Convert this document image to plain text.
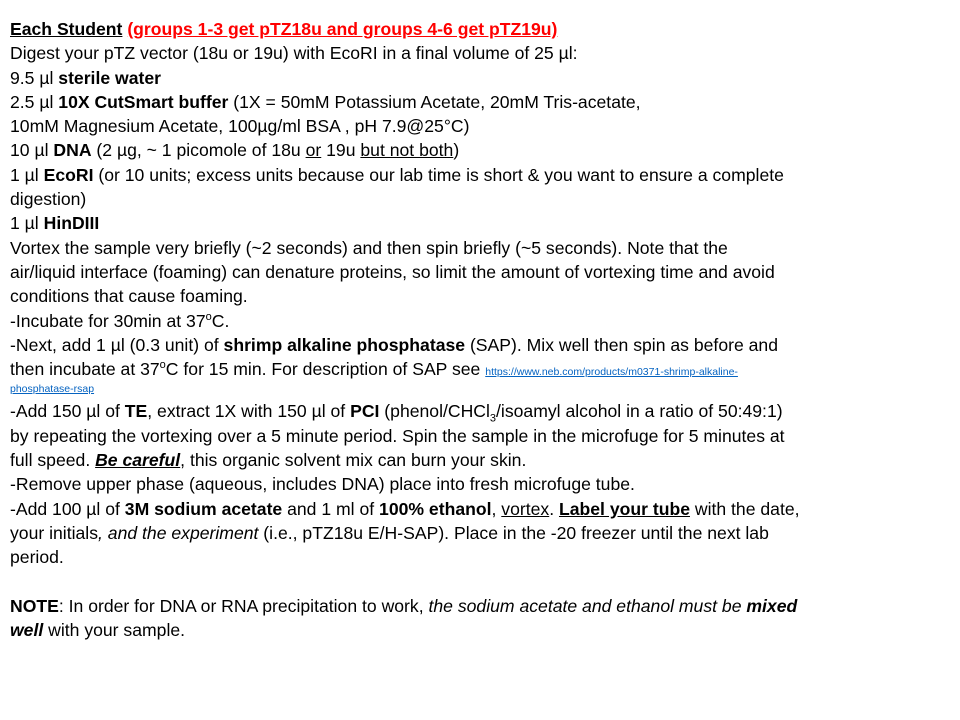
Each Student (groups 1-3 get pTZ18u and groups 4-6 get pTZ19u)
Digest your pTZ vector (18u or 19u) with EcoRI in a final volume of 25 µl:
9.5 µl sterile water
2.5 µl 10X CutSmart buffer (1X = 50mM Potassium Acetate, 20mM Tris-acetate,
10mM Magnesium Acetate, 100µg/ml BSA , pH 7.9@25°C)
10 µl DNA (2 µg, ~ 1 picomole of 18u or 19u but not both)
1 µl EcoRI (or 10 units; excess units because our lab time is short & you want to ensure a complete
digestion)
1 µl HinDIII
Vortex the sample very briefly (~2 seconds) and then spin briefly (~5 seconds). Note that the
air/liquid interface (foaming) can denature proteins, so limit the amount of vortexing time and avoid
conditions that cause foaming.
-Incubate for 30min at 37$^o$C.
-Next, add 1 µl (0.3 unit) of shrimp alkaline phosphatase (SAP). Mix well then spin as before and
then incubate at 37$^o$C for 15 min. For description of SAP see https://www.neb.com/products/m0371-shrimp-alkaline-
phosphatase-rsap
-Add 150 µl of TE, extract 1X with 150 µl of PCI (phenol/CHCl$_3$/isoamyl alcohol in a ratio of 50:49:1)
by repeating the vortexing over a 5 minute period. Spin the sample in the microfuge for 5 minutes at
full speed. Be careful, this organic solvent mix can burn your skin.
-Remove upper phase (aqueous, includes DNA) place into fresh microfuge tube.
-Add 100 µl of 3M sodium acetate and 1 ml of 100% ethanol, vortex. Label your tube with the date,
your initials, and the experiment (i.e., pTZ18u E/H-SAP). Place in the -20 freezer until the next lab
period.
NOTE: In order for DNA or RNA precipitation to work, the sodium acetate and ethanol must be mixed
well with your sample.
